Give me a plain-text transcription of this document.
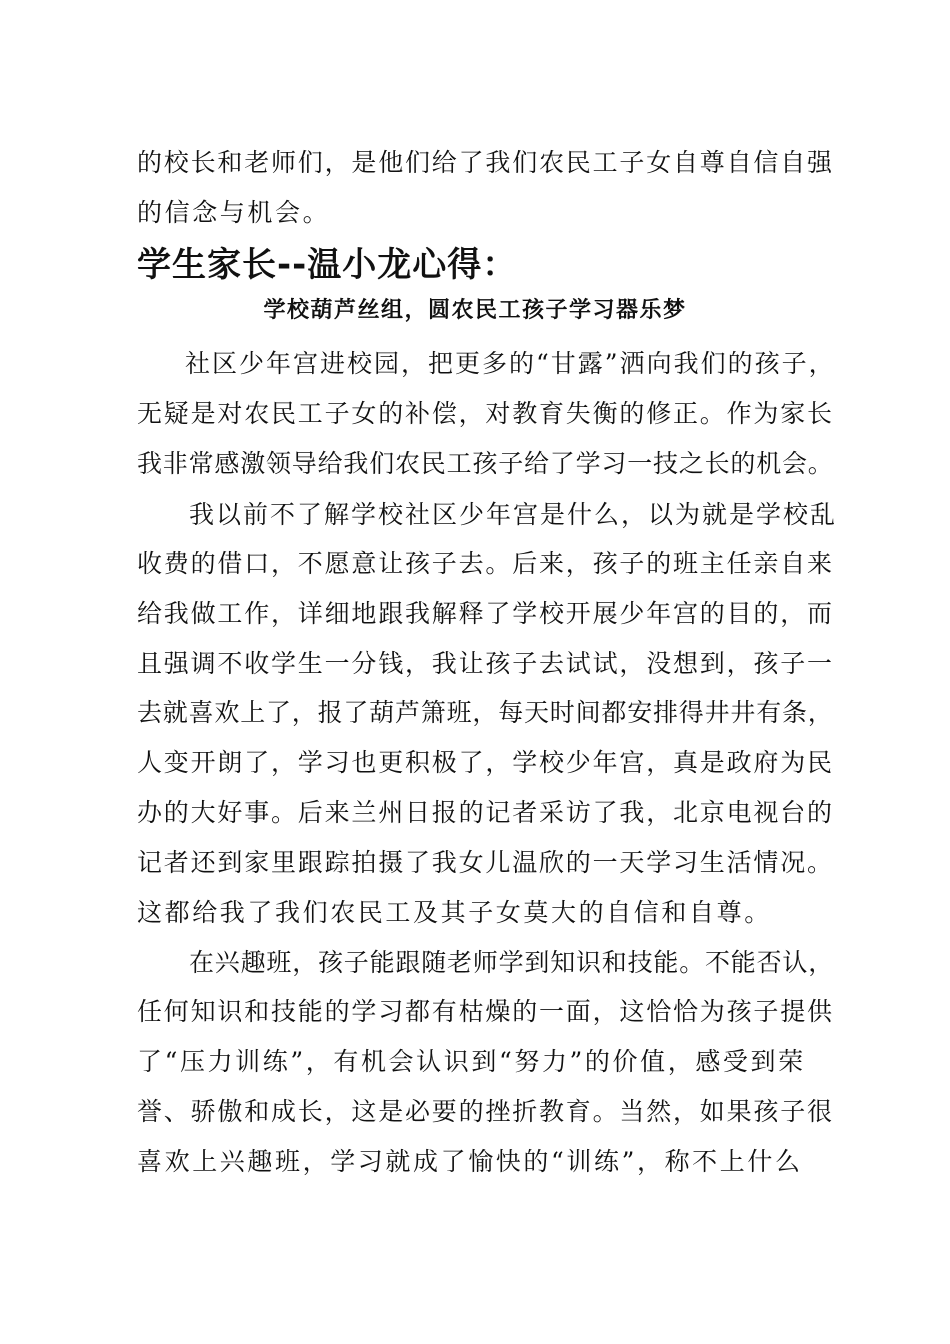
的校长和老师们，是他们给了我们农民工子女自尊自信自强
的信念与机会。
学生家长--温小龙心得：
学校葫芦丝组，圆农民工孩子学习器乐梦
社区少年宫进校园，把更多的“甘露”洒向我们的孩子，
无疑是对农民工子女的补偿，对教育失衡的修正。作为家长
我非常感激领导给我们农民工孩子给了学习一技之长的机会。
我以前不了解学校社区少年宫是什么，以为就是学校乱
收费的借口，不愿意让孩子去。后来，孩子的班主任亲自来
给我做工作，详细地跟我解释了学校开展少年宫的目的，而
且强调不收学生一分钱，我让孩子去试试，没想到，孩子一
去就喜欢上了，报了葫芦箫班，每天时间都安排得井井有条，
人变开朗了，学习也更积极了，学校少年宫，真是政府为民
办的大好事。后来兰州日报的记者采访了我，北京电视台的
记者还到家里跟踪拍摄了我女儿温欣的一天学习生活情况。
这都给我了我们农民工及其子女莫大的自信和自尊。
在兴趣班，孩子能跟随老师学到知识和技能。不能否认，
任何知识和技能的学习都有枯燥的一面，这恰恰为孩子提供
了“压力训练”，有机会认识到“努力”的价值，感受到荣
誉、骄傲和成长，这是必要的挫折教育。当然，如果孩子很
喜欢上兴趣班，学习就成了愉快的“训练”，称不上什么
